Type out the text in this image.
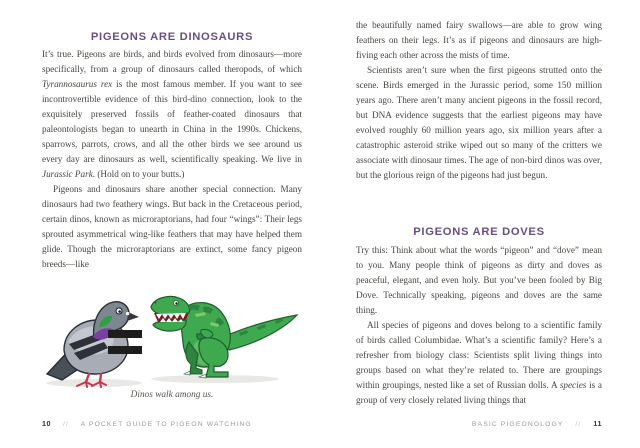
PIGEONS ARE DINOSAURS

It’s true. Pigeons are birds, and birds evolved from dinosaurs—more specifically, from a group of dinosaurs called theropods, of which Tyrannosaurus rex is the most famous member. If you want to see incontrovertible evidence of this bird-dino connection, look to the exquisitely preserved fossils of feather-coated dinosaurs that paleontologists began to unearth in China in the 1990s. Chickens, sparrows, parrots, crows, and all the other birds we see around us every day are dinosaurs as well, scientifically speaking. We live in Jurassic Park. (Hold on to your butts.)

Pigeons and dinosaurs share another special connection. Many dinosaurs had two feathery wings. But back in the Cretaceous period, certain dinos, known as microraptorians, had four “wings”: Their legs sprouted asymmetrical wing-like feathers that may have helped them glide. Though the microraptorians are extinct, some fancy pigeon breeds—like

Dinos walk among us.

the beautifully named fairy swallows—are able to grow wing feathers on their legs. It’s as if pigeons and dinosaurs are high-fiving each other across the mists of time.

Scientists aren’t sure when the first pigeons strutted onto the scene. Birds emerged in the Jurassic period, some 150 million years ago. There aren’t many ancient pigeons in the fossil record, but DNA evidence suggests that the earliest pigeons may have evolved roughly 60 million years ago, six million years after a catastrophic asteroid strike wiped out so many of the critters we associate with dinosaur times. The age of non-bird dinos was over, but the glorious reign of the pigeons had just begun.

PIGEONS ARE DOVES

Try this: Think about what the words “pigeon” and “dove” mean to you. Many people think of pigeons as dirty and doves as peaceful, elegant, and even holy. But you’ve been fooled by Big Dove. Technically speaking, pigeons and doves are the same thing.

All species of pigeons and doves belong to a scientific family of birds called Columbidae. What’s a scientific family? Here’s a refresher from biology class: Scientists split living things into groups based on what they’re related to. There are groupings within groupings, nested like a set of Russian dolls. A species is a group of very closely related living things that

10 // A POCKET GUIDE TO PIGEON WATCHING	BASIC PIGEONOLOGY // 11
